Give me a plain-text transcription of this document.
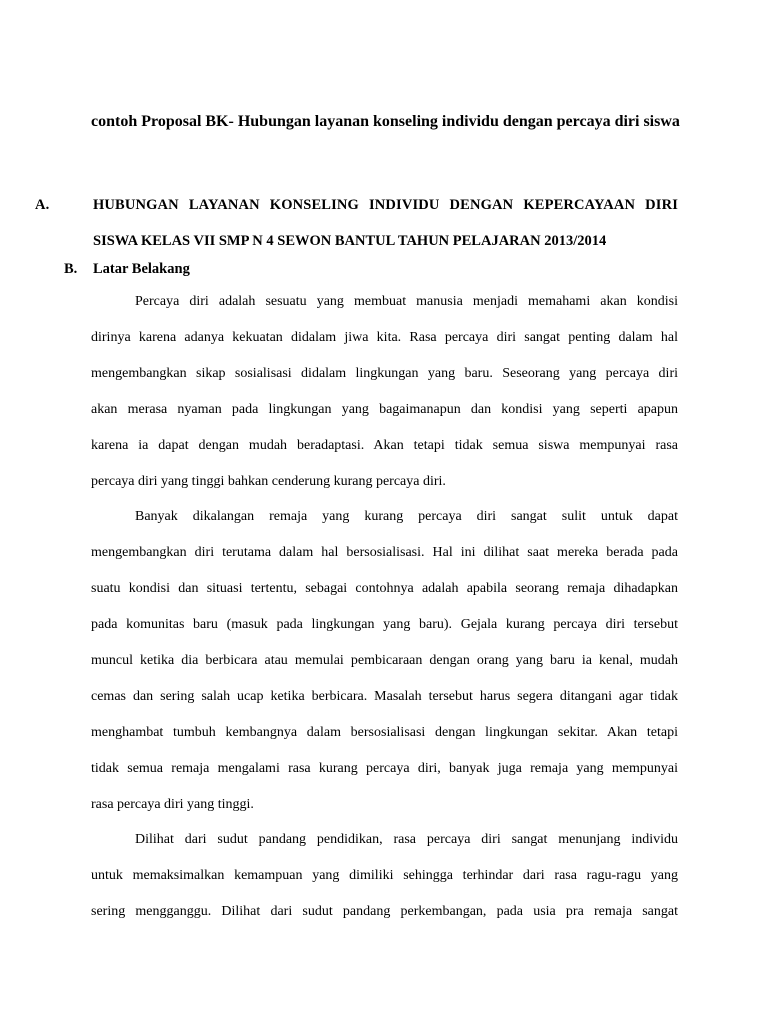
contoh Proposal BK- Hubungan layanan konseling individu dengan percaya diri siswa
A.	HUBUNGAN LAYANAN KONSELING INDIVIDU DENGAN KEPERCAYAAN DIRI
SISWA KELAS VII SMP N 4 SEWON BANTUL TAHUN PELAJARAN 2013/2014
B. Latar Belakang
Percaya diri adalah sesuatu yang membuat manusia menjadi memahami akan kondisi
dirinya karena adanya kekuatan didalam jiwa kita. Rasa percaya diri sangat penting dalam hal
mengembangkan sikap sosialisasi didalam lingkungan yang baru. Seseorang yang percaya diri
akan merasa nyaman pada lingkungan yang bagaimanapun dan kondisi yang seperti apapun
karena ia dapat dengan mudah beradaptasi. Akan tetapi tidak semua siswa mempunyai rasa
percaya diri yang tinggi bahkan cenderung kurang percaya diri.
Banyak dikalangan remaja yang kurang percaya diri sangat sulit untuk dapat
mengembangkan diri terutama dalam hal bersosialisasi. Hal ini dilihat saat mereka berada pada
suatu kondisi dan situasi tertentu, sebagai contohnya adalah apabila seorang remaja dihadapkan
pada komunitas baru (masuk pada lingkungan yang baru). Gejala kurang percaya diri tersebut
muncul ketika dia berbicara atau memulai pembicaraan dengan orang yang baru ia kenal, mudah
cemas dan sering salah ucap ketika berbicara. Masalah tersebut harus segera ditangani agar tidak
menghambat tumbuh kembangnya dalam bersosialisasi dengan lingkungan sekitar. Akan tetapi
tidak semua remaja mengalami rasa kurang percaya diri, banyak juga remaja yang mempunyai
rasa percaya diri yang tinggi.
Dilihat dari sudut pandang pendidikan, rasa percaya diri sangat menunjang individu
untuk memaksimalkan kemampuan yang dimiliki sehingga terhindar dari rasa ragu-ragu yang
sering mengganggu. Dilihat dari sudut pandang perkembangan, pada usia pra remaja sangat
